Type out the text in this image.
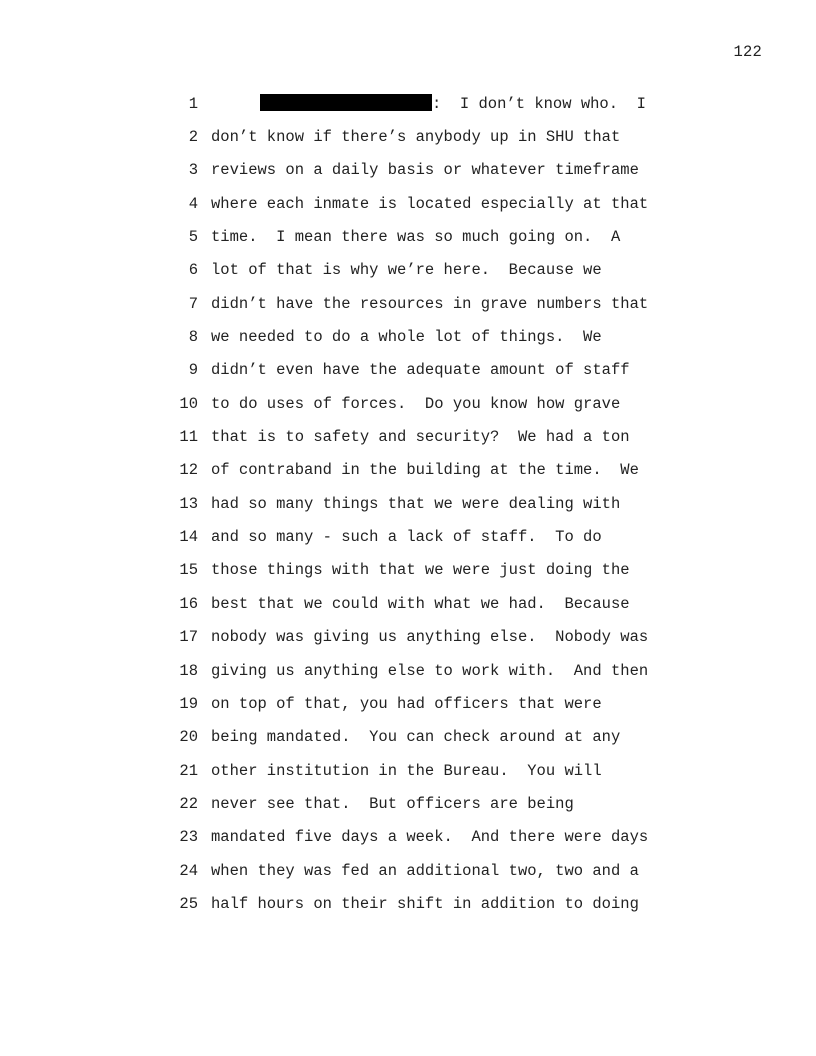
122
1	:  I don’t know who.  I
2 don’t know if there’s anybody up in SHU that
3 reviews on a daily basis or whatever timeframe
4 where each inmate is located especially at that
5 time.  I mean there was so much going on.  A
6 lot of that is why we’re here.  Because we
7 didn’t have the resources in grave numbers that
8 we needed to do a whole lot of things.  We
9 didn’t even have the adequate amount of staff
10 to do uses of forces.  Do you know how grave
11 that is to safety and security?  We had a ton
12 of contraband in the building at the time.  We
13 had so many things that we were dealing with
14 and so many - such a lack of staff.  To do
15 those things with that we were just doing the
16 best that we could with what we had.  Because
17 nobody was giving us anything else.  Nobody was
18 giving us anything else to work with.  And then
19 on top of that, you had officers that were
20 being mandated.  You can check around at any
21 other institution in the Bureau.  You will
22 never see that.  But officers are being
23 mandated five days a week.  And there were days
24 when they was fed an additional two, two and a
25 half hours on their shift in addition to doing
